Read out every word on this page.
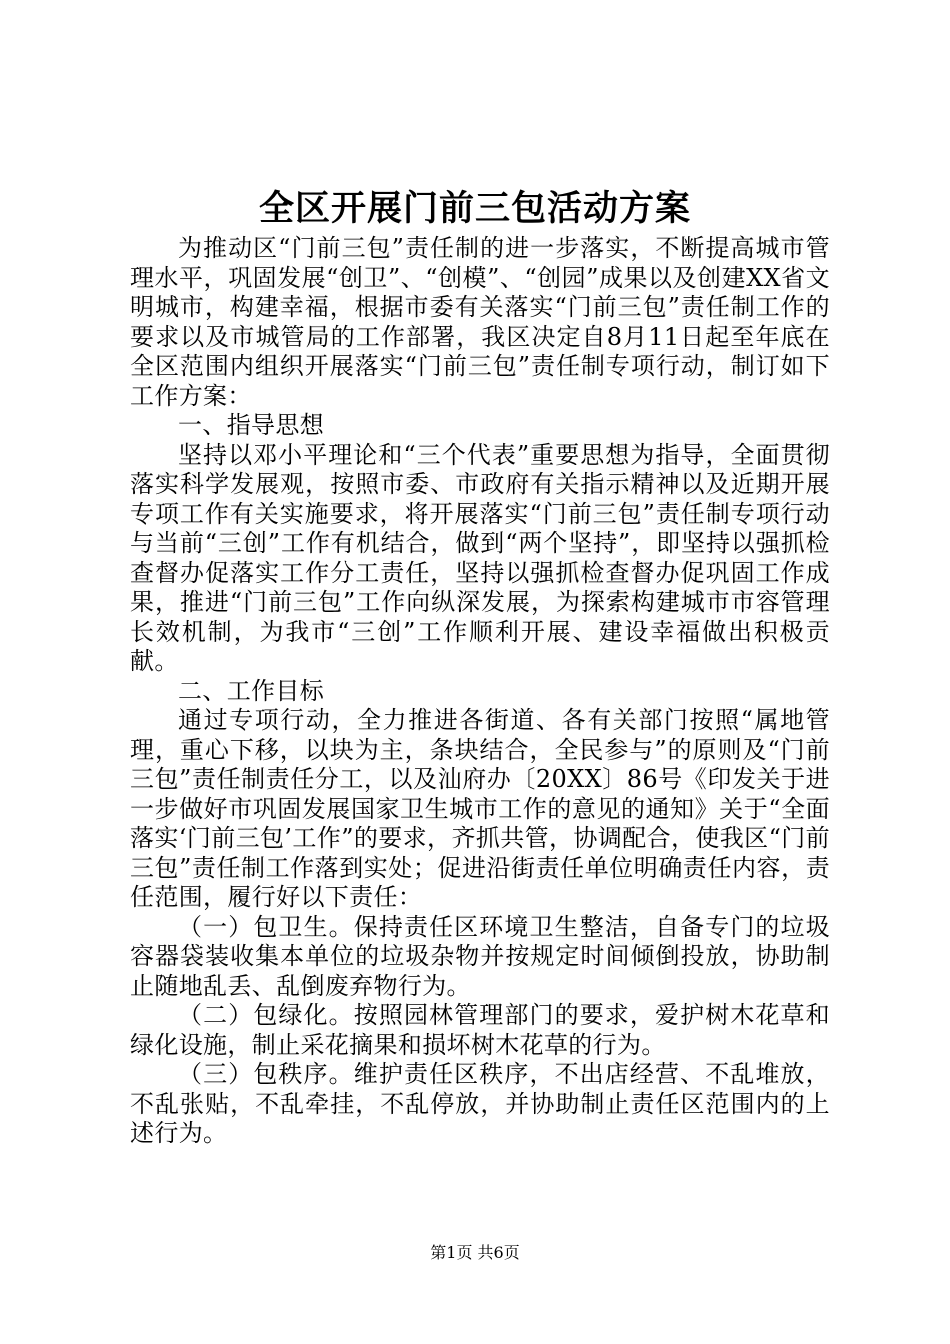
全区开展门前三包活动方案

为推动区“门前三包”责任制的进一步落实，不断提高城市管理水平，巩固发展“创卫”、“创模”、“创园”成果以及创建XX省文明城市，构建幸福，根据市委有关落实“门前三包”责任制工作的要求以及市城管局的工作部署，我区决定自8月11日起至年底在全区范围内组织开展落实“门前三包”责任制专项行动，制订如下工作方案：

一、指导思想

坚持以邓小平理论和“三个代表”重要思想为指导，全面贯彻落实科学发展观，按照市委、市政府有关指示精神以及近期开展专项工作有关实施要求，将开展落实“门前三包”责任制专项行动与当前“三创”工作有机结合，做到“两个坚持”，即坚持以强抓检查督办促落实工作分工责任，坚持以强抓检查督办促巩固工作成果，推进“门前三包”工作向纵深发展，为探索构建城市市容管理长效机制，为我市“三创”工作顺利开展、建设幸福做出积极贡献。

二、工作目标

通过专项行动，全力推进各街道、各有关部门按照“属地管理，重心下移，以块为主，条块结合，全民参与”的原则及“门前三包”责任制责任分工，以及汕府办〔20XX〕86号《印发关于进一步做好市巩固发展国家卫生城市工作的意见的通知》关于“全面落实‘门前三包’工作”的要求，齐抓共管，协调配合，使我区“门前三包”责任制工作落到实处；促进沿街责任单位明确责任内容，责任范围，履行好以下责任：

（一）包卫生。保持责任区环境卫生整洁，自备专门的垃圾容器袋装收集本单位的垃圾杂物并按规定时间倾倒投放，协助制止随地乱丢、乱倒废弃物行为。

（二）包绿化。按照园林管理部门的要求，爱护树木花草和绿化设施，制止采花摘果和损坏树木花草的行为。

（三）包秩序。维护责任区秩序，不出店经营、不乱堆放，不乱张贴，不乱牵挂，不乱停放，并协助制止责任区范围内的上述行为。

第1页 共6页
